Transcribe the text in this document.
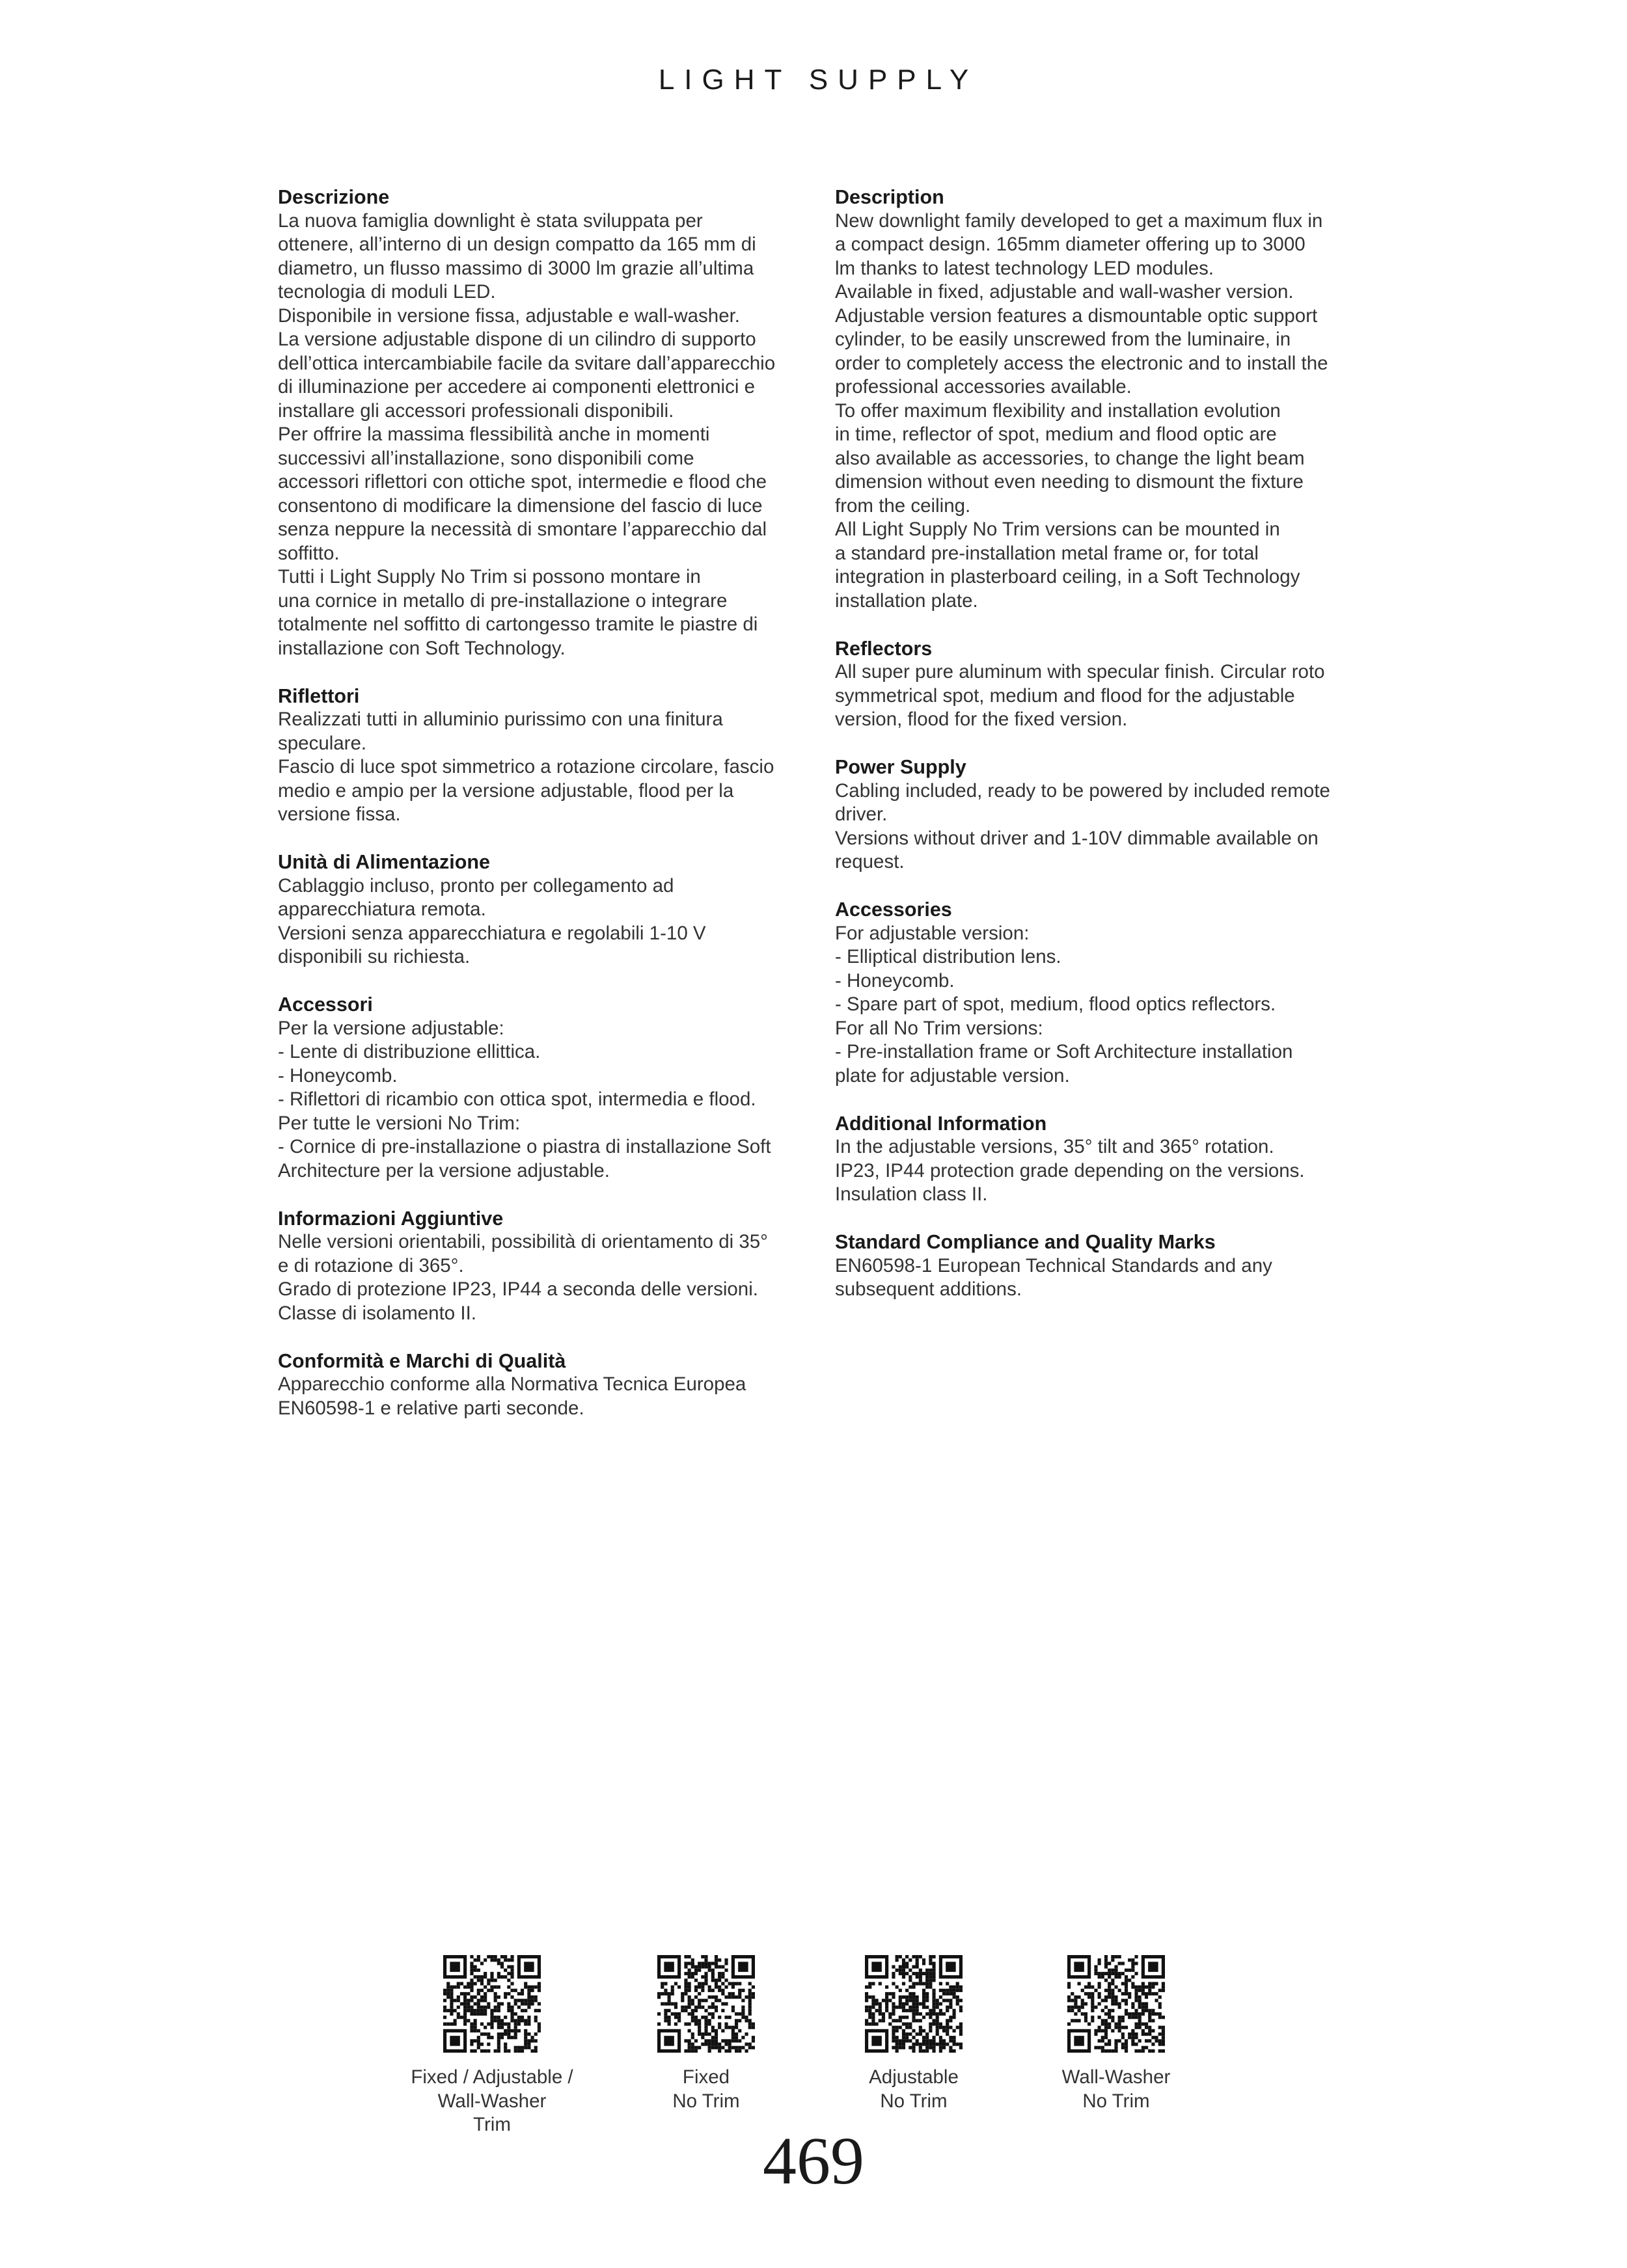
LIGHT SUPPLY
Descrizione
La nuova famiglia downlight è stata sviluppata per
ottenere, all’interno di un design compatto da 165 mm di
diametro, un flusso massimo di 3000 lm grazie all’ultima
tecnologia di moduli LED.
Disponibile in versione fissa, adjustable e wall-washer.
La versione adjustable dispone di un cilindro di supporto
dell’ottica intercambiabile facile da svitare dall’apparecchio
di illuminazione per accedere ai componenti elettronici e
installare gli accessori professionali disponibili.
Per offrire la massima flessibilità anche in momenti
successivi all’installazione, sono disponibili come
accessori riflettori con ottiche spot, intermedie e flood che
consentono di modificare la dimensione del fascio di luce
senza neppure la necessità di smontare l’apparecchio dal
soffitto.
Tutti i Light Supply No Trim si possono montare in
una cornice in metallo di pre-installazione o integrare
totalmente nel soffitto di cartongesso tramite le piastre di
installazione con Soft Technology.
Riflettori
Realizzati tutti in alluminio purissimo con una finitura
speculare.
Fascio di luce spot simmetrico a rotazione circolare, fascio
medio e ampio per la versione adjustable, flood per la
versione fissa.
Unità di Alimentazione
Cablaggio incluso, pronto per collegamento ad
apparecchiatura remota.
Versioni senza apparecchiatura e regolabili 1-10 V
disponibili su richiesta.
Accessori
Per la versione adjustable:
- Lente di distribuzione ellittica.
- Honeycomb.
- Riflettori di ricambio con ottica spot, intermedia e flood.
Per tutte le versioni No Trim:
- Cornice di pre-installazione o piastra di installazione Soft
Architecture per la versione adjustable.
Informazioni Aggiuntive
Nelle versioni orientabili, possibilità di orientamento di 35°
e di rotazione di 365°.
Grado di protezione IP23, IP44 a seconda delle versioni.
Classe di isolamento II.
Conformità e Marchi di Qualità
Apparecchio conforme alla Normativa Tecnica Europea
EN60598-1 e relative parti seconde.
Description
New downlight family developed to get a maximum flux in
a compact design. 165mm diameter offering up to 3000
lm thanks to latest technology LED modules.
Available in fixed, adjustable and wall-washer version.
Adjustable version features a dismountable optic support
cylinder, to be easily unscrewed from the luminaire, in
order to completely access the electronic and to install the
professional accessories available.
To offer maximum flexibility and installation evolution
in time, reflector of spot, medium and flood optic are
also available as accessories, to change the light beam
dimension without even needing to dismount the fixture
from the ceiling.
All Light Supply No Trim versions can be mounted in
a standard pre-installation metal frame or, for total
integration in plasterboard ceiling, in a Soft Technology
installation plate.
Reflectors
All super pure aluminum with specular finish. Circular roto
symmetrical spot, medium and flood for the adjustable
version, flood for the fixed version.
Power Supply
Cabling included, ready to be powered by included remote
driver.
Versions without driver and 1-10V dimmable available on
request.
Accessories
For adjustable version:
- Elliptical distribution lens.
- Honeycomb.
- Spare part of spot, medium, flood optics reflectors.
For all No Trim versions:
- Pre-installation frame or Soft Architecture installation
plate for adjustable version.
Additional Information
In the adjustable versions, 35° tilt and 365° rotation.
IP23, IP44 protection grade depending on the versions.
Insulation class II.
Standard Compliance and Quality Marks
EN60598-1 European Technical Standards and any
subsequent additions.
Fixed / Adjustable /
Wall-Washer
Trim
Fixed
No Trim
Adjustable
No Trim
Wall-Washer
No Trim
469
